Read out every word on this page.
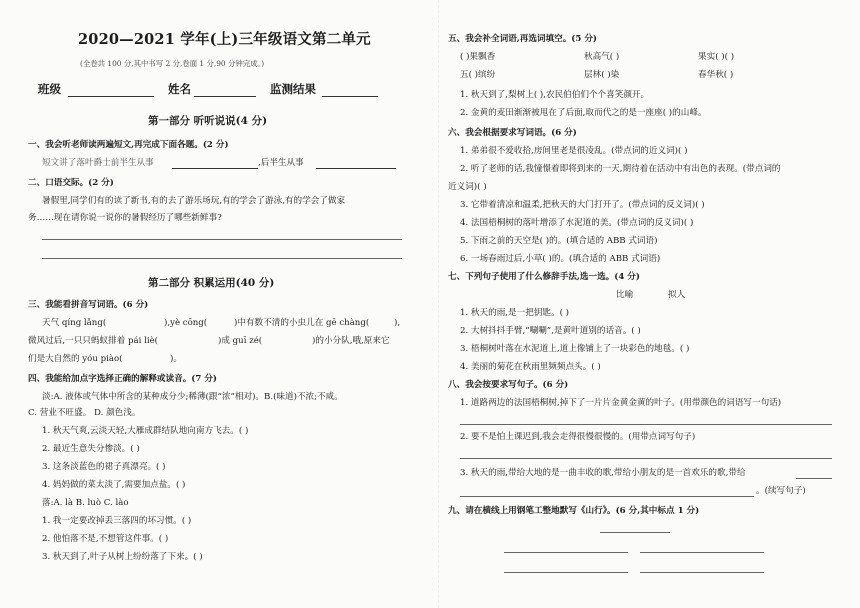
2020—2021 学年(上)三年级语文第二单元
(全卷共 100 分,其中书写 2 分,卷面 1 分,90 分钟完成。)
班级	姓名	监测结果
第一部分 听听说说(4 分)
一、我会听老师读两遍短文,再完成下面各题。(2 分)
短文讲了落叶爵士前半生从事	,后半生从事
二、口语交际。(2 分)
暑假里,同学们有的读了新书,有的去了游乐场玩,有的学会了游泳,有的学会了做家
务……现在请你说一说你的暑假经历了哪些新鲜事?
第二部分 积累运用(40 分)
三、我能看拼音写词语。(6 分)
天气 qíng lǎng(	),yè cōng(	)中有数不清的小虫儿在 gē chàng(	),
微风过后,一只只蚂蚁排着 pái liè(	)成 guī zé(	)的小分队,哦,原来它
们是大自然的 yóu piào(	)。
四、我能给加点字选择正确的解释或读音。(7 分)
淡:A. 液体或气体中所含的某种成分少;稀薄(跟“浓”相对)。B.(味道)不浓;不咸。
C. 营业不旺盛。 D. 颜色浅。
1. 秋天气爽,云淡天轻,大雁成群结队地向南方飞去。( )
2. 最近生意失分惨淡。( )
3. 这条淡蓝色的裙子真漂亮。( )
4. 妈妈做的菜太淡了,需要加点盐。( )
落:A. là B. luò C. lào
1. 我一定要改掉丢三落四的坏习惯。( )
2. 他怕落不是,不想管这件事。( )
3. 秋天到了,叶子从树上纷纷落了下来。( )
五、我会补全词语,再选词填空。(5 分)
( )果飘香	秋高气( )	果实( )( )
五( )缤纷	层林( )染	春华秋( )
1. 秋天到了,梨树上( ),农民伯伯们个个喜笑颜开。
2. 金黄的麦田渐渐被甩在了后面,取而代之的是一座座( )的山峰。
六、我会根据要求写词语。(6 分)
1. 弟弟很不爱收拾,房间里老是很凌乱。(带点词的近义词)( )
2. 听了老师的话,我憧憬着即将到来的一天,期待着在活动中有出色的表现。(带点词的
近义词)( )
3. 它带着清凉和温柔,把秋天的大门打开了。(带点词的反义词)( )
4. 法国梧桐树的落叶增添了水泥道的美。(带点词的反义词)( )
5. 下雨之前的天空是( )的。(填合适的 ABB 式词语)
6. 一场春雨过后,小草( )的。(填合适的 ABB 式词语)
七、下列句子使用了什么修辞手法,选一选。(4 分)
比喻	拟人
1. 秋天的雨,是一把钥匙。( )
2. 大树抖抖手臂,“唰唰”,是黄叶道别的话音。( )
3. 梧桐树叶落在水泥道上,道上像铺上了一块彩色的地毯。( )
4. 美丽的菊花在秋雨里频频点头。( )
八、我会按要求写句子。(6 分)
1. 道路两边的法国梧桐树,掉下了一片片金黄金黄的叶子。(用带颜色的词语写一句话)
2. 要不是怕上课迟到,我会走得很慢很慢的。(用带点词写句子)
3. 秋天的雨,带给大地的是一曲丰收的歌,带给小朋友的是一首欢乐的歌,带给
。(续写句子)
九、请在横线上用钢笔工整地默写《山行》。(6 分,其中标点 1 分)
